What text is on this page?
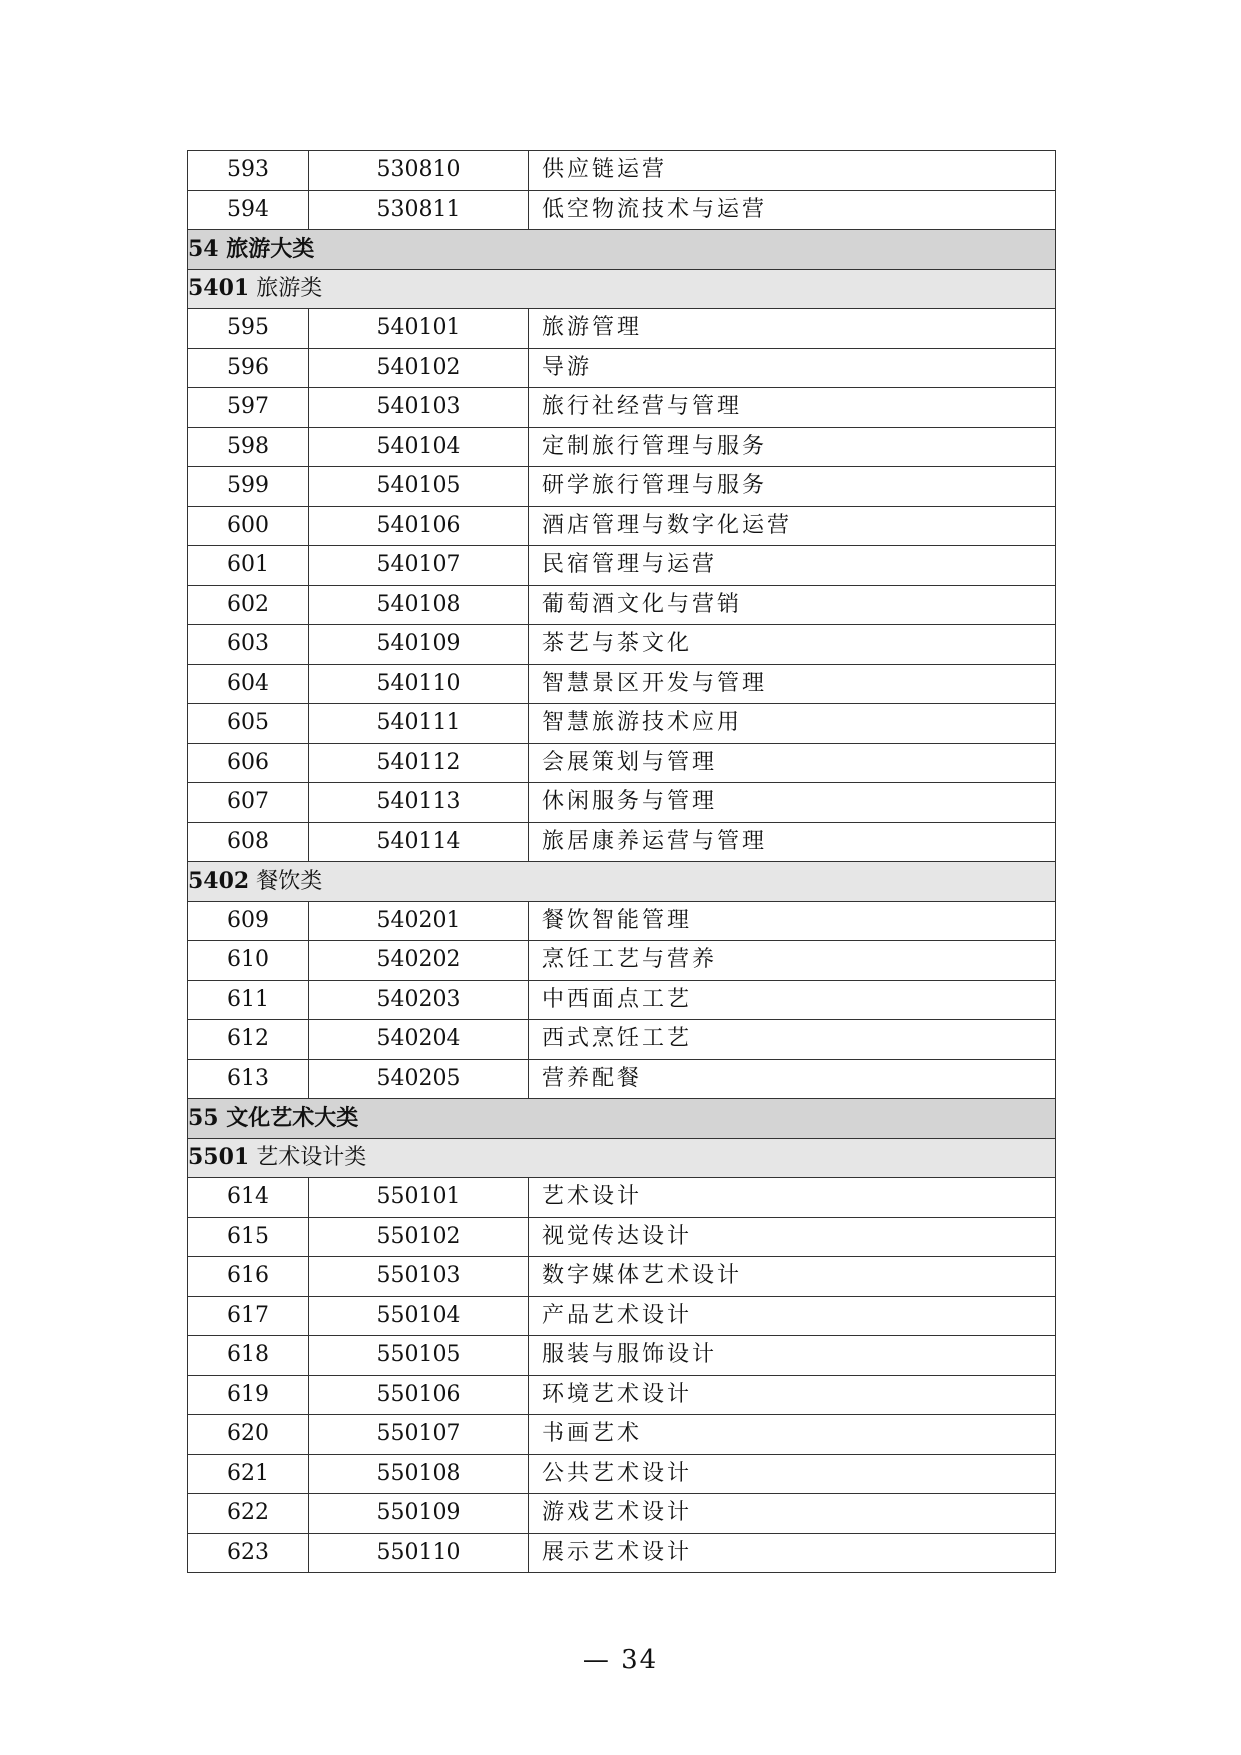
593	530810	供应链运营
594	530811	低空物流技术与运营
54 旅游大类		
5401 旅游类		
595	540101	旅游管理
596	540102	导游
597	540103	旅行社经营与管理
598	540104	定制旅行管理与服务
599	540105	研学旅行管理与服务
600	540106	酒店管理与数字化运营
601	540107	民宿管理与运营
602	540108	葡萄酒文化与营销
603	540109	茶艺与茶文化
604	540110	智慧景区开发与管理
605	540111	智慧旅游技术应用
606	540112	会展策划与管理
607	540113	休闲服务与管理
608	540114	旅居康养运营与管理
5402 餐饮类		
609	540201	餐饮智能管理
610	540202	烹饪工艺与营养
611	540203	中西面点工艺
612	540204	西式烹饪工艺
613	540205	营养配餐
55 文化艺术大类		
5501 艺术设计类		
614	550101	艺术设计
615	550102	视觉传达设计
616	550103	数字媒体艺术设计
617	550104	产品艺术设计
618	550105	服装与服饰设计
619	550106	环境艺术设计
620	550107	书画艺术
621	550108	公共艺术设计
622	550109	游戏艺术设计
623	550110	展示艺术设计
— 34
